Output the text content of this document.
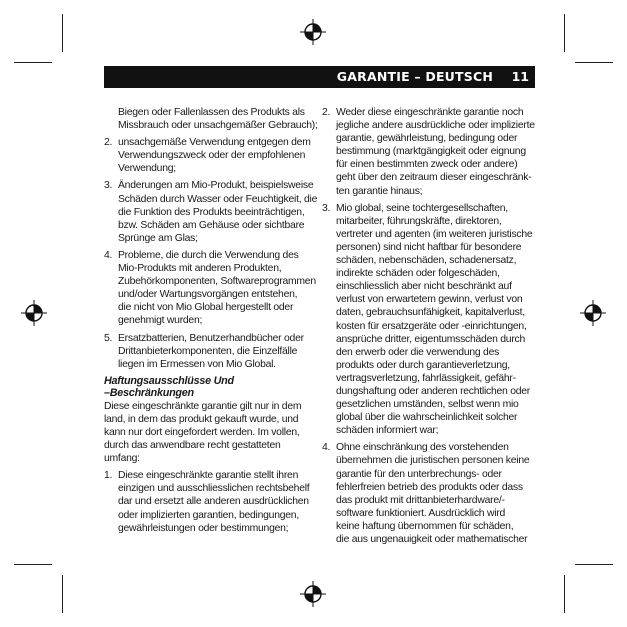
GARANTIE – DEUTSCH 11
Biegen oder Fallenlassen des Produkts als
Missbrauch oder unsachgemäßer Gebrauch);
2. unsachgemäße Verwendung entgegen dem
Verwendungszweck oder der empfohlenen
Verwendung;
3. Änderungen am Mio-Produkt, beispielsweise
Schäden durch Wasser oder Feuchtigkeit, die
die Funktion des Produkts beeinträchtigen,
bzw. Schäden am Gehäuse oder sichtbare
Sprünge am Glas;
4. Probleme, die durch die Verwendung des
Mio-Produkts mit anderen Produkten,
Zubehörkomponenten, Softwareprogrammen
und/oder Wartungsvorgängen entstehen,
die nicht von Mio Global hergestellt oder
genehmigt wurden;
5. Ersatzbatterien, Benutzerhandbücher oder
Drittanbieterkomponenten, die Einzelfälle
liegen im Ermessen von Mio Global.
Haftungsausschlüsse Und
–Beschränkungen
Diese eingeschränkte garantie gilt nur in dem
land, in dem das produkt gekauft wurde, und
kann nur dort eingefordert werden. Im vollen,
durch das anwendbare recht gestatteten
umfang:
1. Diese eingeschränkte garantie stellt ihren
einzigen und ausschliesslichen rechtsbehelf
dar und ersetzt alle anderen ausdrücklichen
oder implizierten garantien, bedingungen,
gewährleistungen oder bestimmungen;
2. Weder diese eingeschränkte garantie noch
jegliche andere ausdrückliche oder implizierte
garantie, gewährleistung, bedingung oder
bestimmung (marktgängigkeit oder eignung
für einen bestimmten zweck oder andere)
geht über den zeitraum dieser eingeschränk-
ten garantie hinaus;
3. Mio global, seine tochtergesellschaften,
mitarbeiter, führungskräfte, direktoren,
vertreter und agenten (im weiteren juristische
personen) sind nicht haftbar für besondere
schäden, nebenschäden, schadenersatz,
indirekte schäden oder folgeschäden,
einschliesslich aber nicht beschränkt auf
verlust von erwartetem gewinn, verlust von
daten, gebrauchsunfähigkeit, kapitalverlust,
kosten für ersatzgeräte oder -einrichtungen,
ansprüche dritter, eigentumsschäden durch
den erwerb oder die verwendung des
produkts oder durch garantieverletzung,
vertragsverletzung, fahrlässigkeit, gefähr-
dungshaftung oder anderen rechtlichen oder
gesetzlichen umständen, selbst wenn mio
global über die wahrscheinlichkeit solcher
schäden informiert war;
4. Ohne einschränkung des vorstehenden
übernehmen die juristischen personen keine
garantie für den unterbrechungs- oder
fehlerfreien betrieb des produkts oder dass
das produkt mit drittanbieterhardware/-
software funktioniert. Ausdrücklich wird
keine haftung übernommen für schäden,
die aus ungenauigkeit oder mathematischer
